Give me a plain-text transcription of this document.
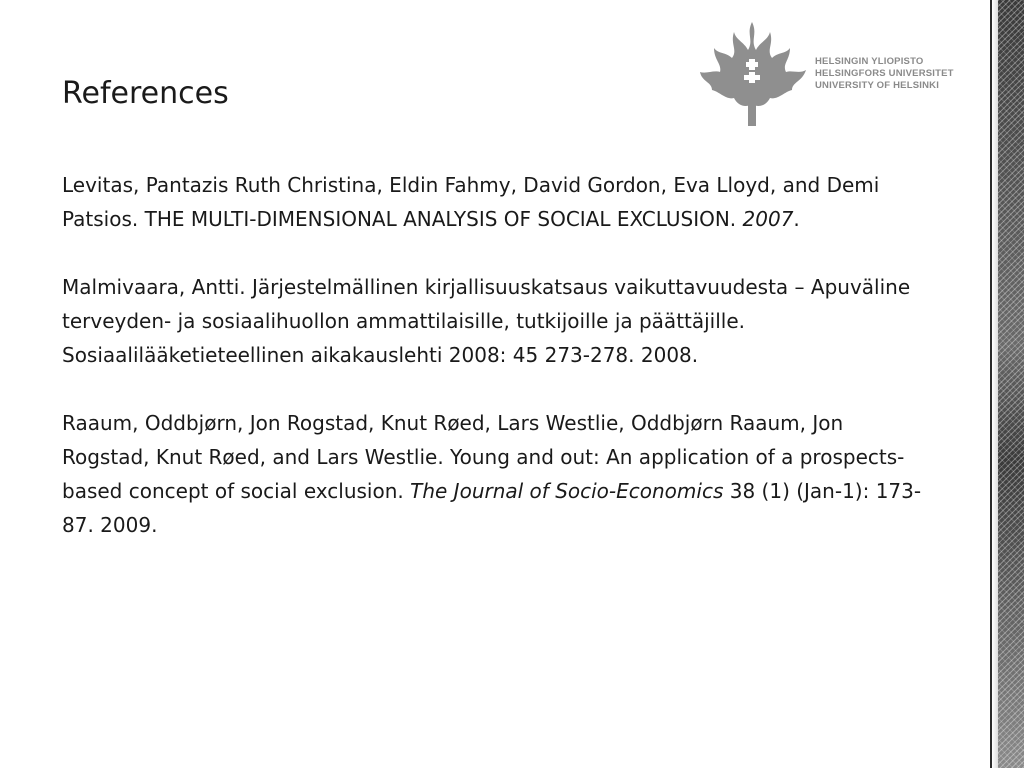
HELSINGIN YLIOPISTO
HELSINGFORS UNIVERSITET
UNIVERSITY OF HELSINKI
References

Levitas, Pantazis Ruth Christina, Eldin Fahmy, David Gordon, Eva Lloyd, and Demi Patsios. THE MULTI-DIMENSIONAL ANALYSIS OF SOCIAL EXCLUSION. 2007.

Malmivaara, Antti. Järjestelmällinen kirjallisuuskatsaus vaikuttavuudesta – Apuväline terveyden- ja sosiaalihuollon ammattilaisille, tutkijoille ja päättäjille. Sosiaalilääketieteellinen aikakauslehti 2008: 45 273-278. 2008.

Raaum, Oddbjørn, Jon Rogstad, Knut Røed, Lars Westlie, Oddbjørn Raaum, Jon Rogstad, Knut Røed, and Lars Westlie. Young and out: An application of a prospects-based concept of social exclusion. The Journal of Socio-Economics 38 (1) (Jan-1): 173-87. 2009.
